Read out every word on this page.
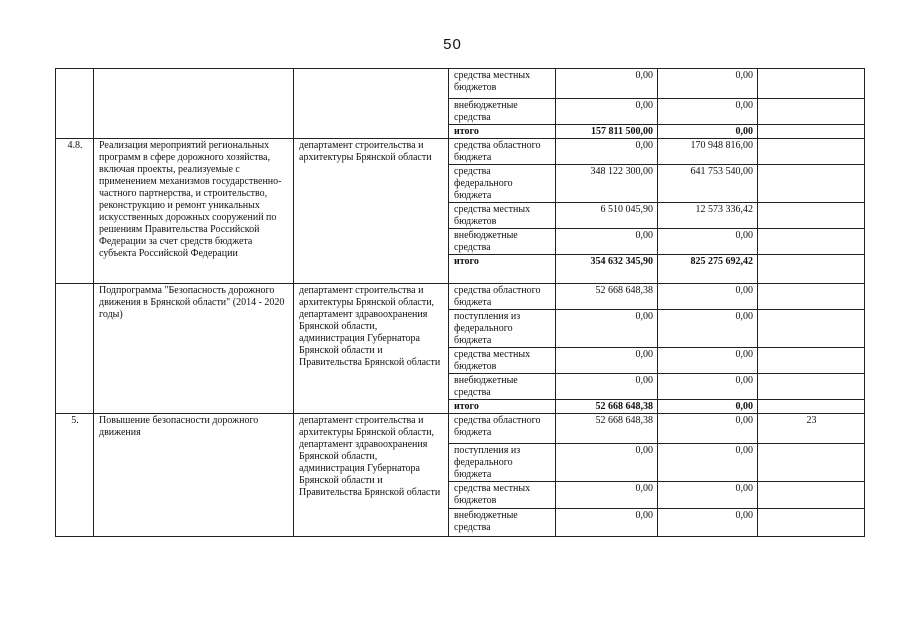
50
			средства местных бюджетов	0,00	0,00	
			внебюджетные средства	0,00	0,00	
			итого	157 811 500,00	0,00	
4.8.	Реализация мероприятий региональных программ в сфере дорожного хозяйства, включая проекты, реализуемые с применением механизмов государственно-частного партнерства, и строительство, реконструкцию и ремонт уникальных искусственных дорожных сооружений по решениям Правительства Российской Федерации за счет средств бюджета субъекта Российской Федерации	департамент строительства и архитектуры Брянской области	средства областного бюджета	0,00	170 948 816,00	
			средства федерального бюджета	348 122 300,00	641 753 540,00	
			средства местных бюджетов	6 510 045,90	12 573 336,42	
			внебюджетные средства	0,00	0,00	
			итого	354 632 345,90	825 275 692,42	
	Подпрограмма "Безопасность дорожного движения в Брянской области" (2014 - 2020 годы)	департамент строительства и архитектуры Брянской области, департамент здравоохранения Брянской области, администрация Губернатора Брянской области и Правительства Брянской области	средства областного бюджета	52 668 648,38	0,00	
			поступления из федерального бюджета	0,00	0,00	
			средства местных бюджетов	0,00	0,00	
			внебюджетные средства	0,00	0,00	
			итого	52 668 648,38	0,00	
5.	Повышение безопасности дорожного движения	департамент строительства и архитектуры Брянской области, департамент здравоохранения Брянской области, администрация Губернатора Брянской области и Правительства Брянской области	средства областного бюджета	52 668 648,38	0,00	23
			поступления из федерального бюджета	0,00	0,00	
			средства местных бюджетов	0,00	0,00	
			внебюджетные средства	0,00	0,00	
